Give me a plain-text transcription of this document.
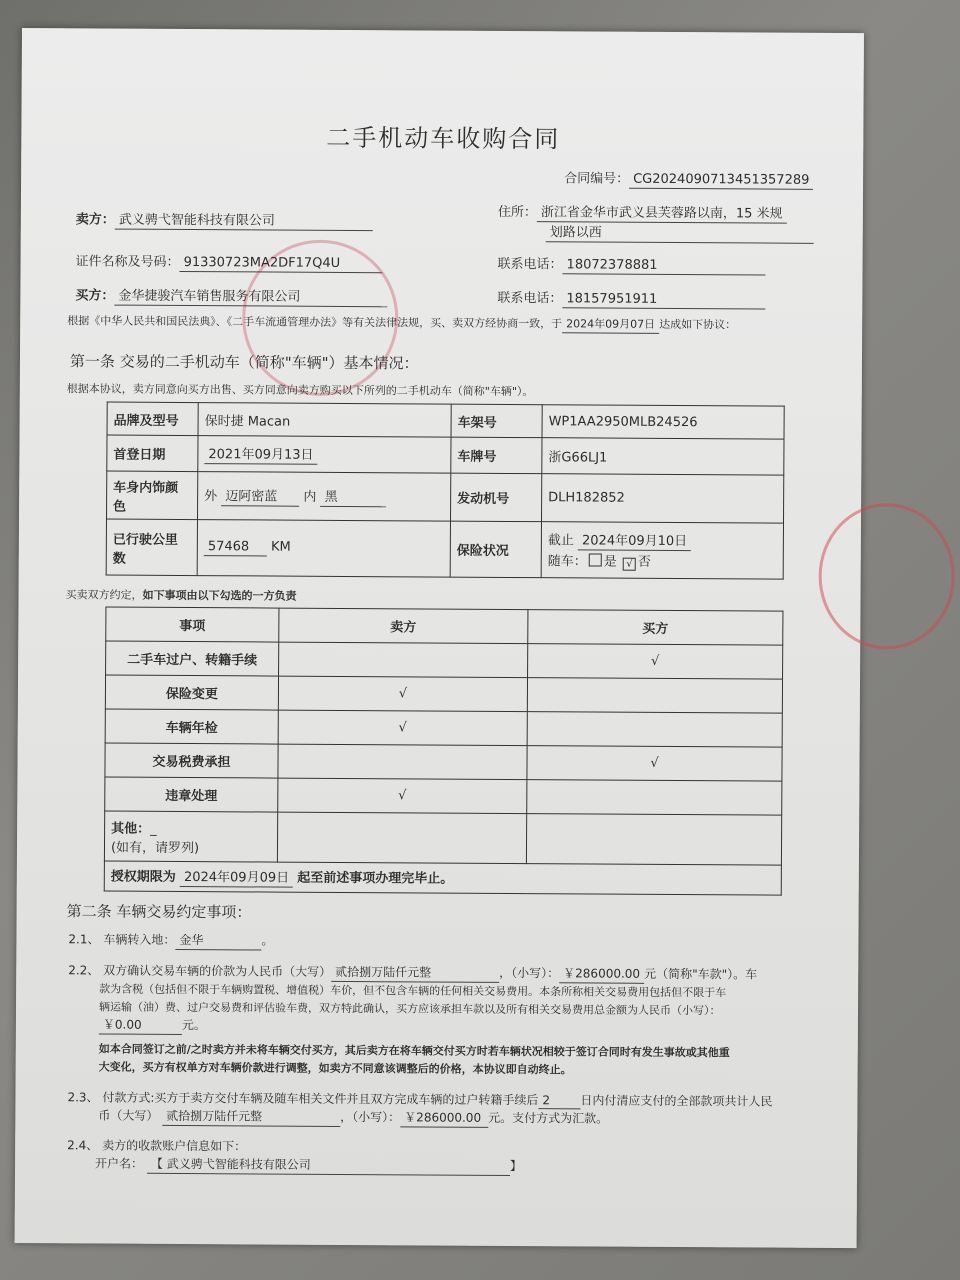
二手机动车收购合同
合同编号： CG20240907134513572​89
卖方： 武义骋弋智能科技有限公司
住所： 浙江省金华市武义县芙蓉路以南，15 米规
划路以西
证件名称及号码： 91330723MA2DF17Q4U	联系电话： 18072378881
买方： 金华捷骏汽车销售服务有限公司	联系电话： 18157951911
根据《中华人民共和国民法典》、《二手车流通管理办法》等有关法律法规，买、卖双方经协商一致，于 2024年09月07日 达成如下协议：
第一条 交易的二手机动车（简称"车辆"）基本情况：
根据本协议，卖方同意向买方出售、买方同意向卖方购买以下所列的二手机动车（简称"车辆"）。
品牌及型号	保时捷 Macan	车架号	WP1AA2950MLB24526
首登日期	2021年09月13日	车牌号	浙G66LJ1
车身内饰颜
色	外 迈阿密蓝 内 黑	发动机号	DLH182852
已行驶公里
数	57468 KM	保险状况	截止 2024年09月10日
随车： 是 √ 否
买卖双方约定，如下事项由以下勾选的一方负责
事项	卖方	买方
二手车过户、转籍手续		√
保险变更	√	
车辆年检	√	
交易税费承担		√
违章处理	√	
其他：_
(如有，请罗列)		
授权期限为 2024年09月09日 起至前述事项办理完毕止。		
第二条 车辆交易约定事项：
2.1、 车辆转入地： 金华	。
2.2、 双方确认交易车辆的价款为人民币（大写） 贰拾捌万陆仟元整	，（小写）： ￥286000.00 元（简称"车款"）。车
款为含税（包括但不限于车辆购置税、增值税）车价，但不包含车辆的任何相关交易费用。本条所称相关交易费用包括但不限于车
辆运输（油）费、过户交易费和评估验车费，双方特此确认，买方应该承担车款以及所有相关交易费用总金额为人民币（小写）：
￥0.00	元。
如本合同签订之前/之时卖方并未将车辆交付买方，其后卖方在将车辆交付买方时若车辆状况相较于签订合同时有发生事故或其他重
大变化，买方有权单方对车辆价款进行调整，如卖方不同意该调整后的价格，本协议即自动终止。
2.3、 付款方式:买方于卖方交付车辆及随车相关文件并且双方完成车辆的过户转籍手续后 2	日内付清应支付的全部款项共计人民
币（大写） 贰拾捌万陆仟元整	，（小写）： ￥286000.00 元。支付方式为汇款。
2.4、 卖方的收款账户信息如下：
开户名： 【 武义骋弋智能科技有限公司	】
